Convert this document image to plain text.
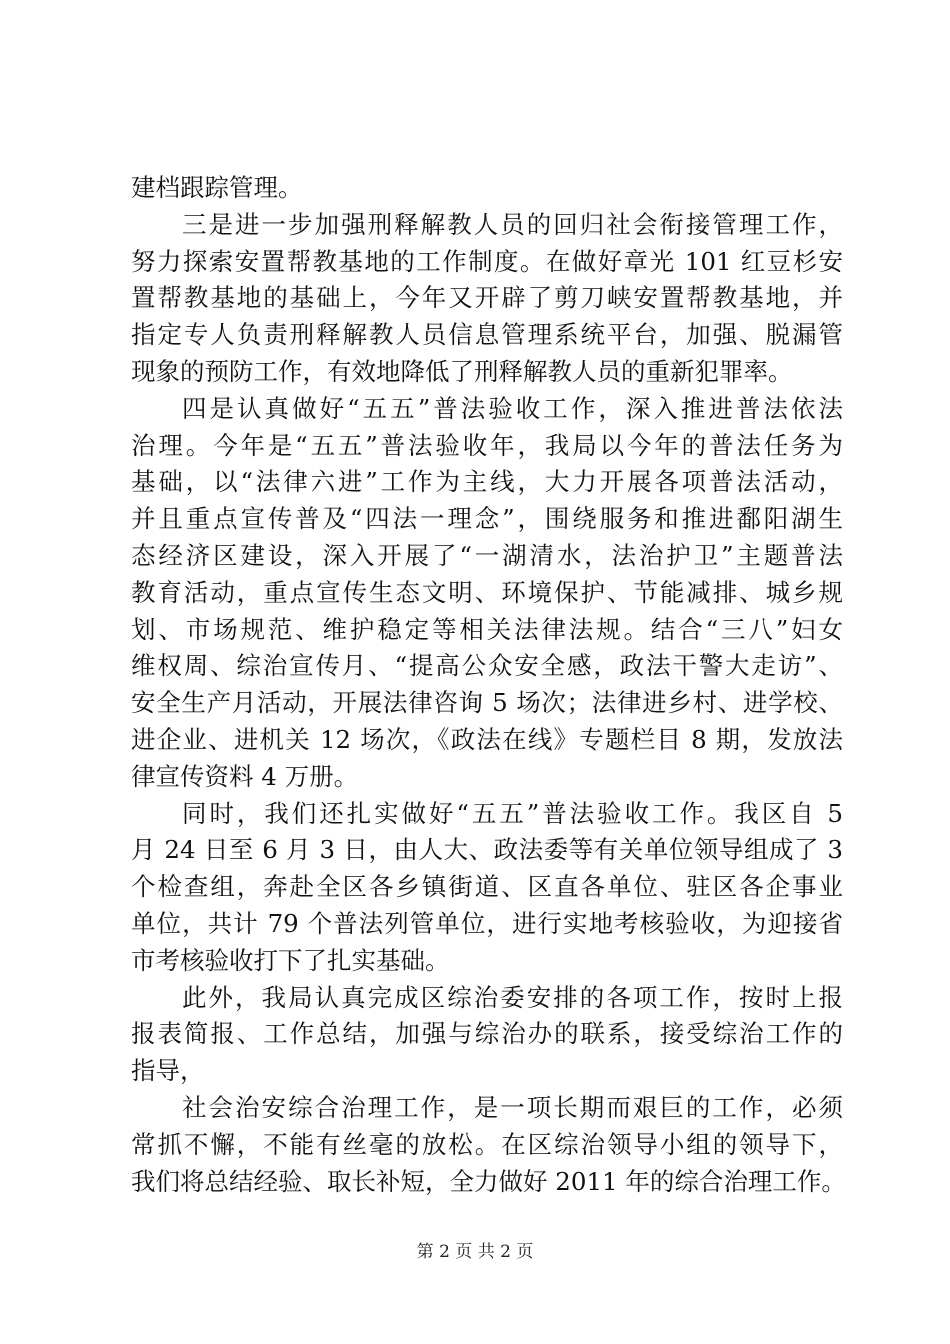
建档跟踪管理。
三是进一步加强刑释解教人员的回归社会衔接管理工作，
努力探索安置帮教基地的工作制度。在做好章光 101 红豆杉安
置帮教基地的基础上，今年又开辟了剪刀峡安置帮教基地，并
指定专人负责刑释解教人员信息管理系统平台，加强、脱漏管
现象的预防工作，有效地降低了刑释解教人员的重新犯罪率。
四是认真做好“五五”普法验收工作，深入推进普法依法
治理。今年是“五五”普法验收年，我局以今年的普法任务为
基础，以“法律六进”工作为主线，大力开展各项普法活动，
并且重点宣传普及“四法一理念”，围绕服务和推进鄱阳湖生
态经济区建设，深入开展了“一湖清水，法治护卫”主题普法
教育活动，重点宣传生态文明、环境保护、节能减排、城乡规
划、市场规范、维护稳定等相关法律法规。结合“三八”妇女
维权周、综治宣传月、“提高公众安全感，政法干警大走访”、
安全生产月活动，开展法律咨询 5 场次；法律进乡村、进学校、
进企业、进机关 12 场次，《政法在线》专题栏目 8 期，发放法
律宣传资料 4 万册。
同时，我们还扎实做好“五五”普法验收工作。我区自 5
月 24 日至 6 月 3 日，由人大、政法委等有关单位领导组成了 3
个检查组，奔赴全区各乡镇街道、区直各单位、驻区各企事业
单位，共计 79 个普法列管单位，进行实地考核验收，为迎接省
市考核验收打下了扎实基础。
此外，我局认真完成区综治委安排的各项工作，按时上报
报表简报、工作总结，加强与综治办的联系，接受综治工作的
指导，
社会治安综合治理工作，是一项长期而艰巨的工作，必须
常抓不懈，不能有丝毫的放松。在区综治领导小组的领导下，
我们将总结经验、取长补短，全力做好 2011 年的综合治理工作。
第 2 页 共 2 页
